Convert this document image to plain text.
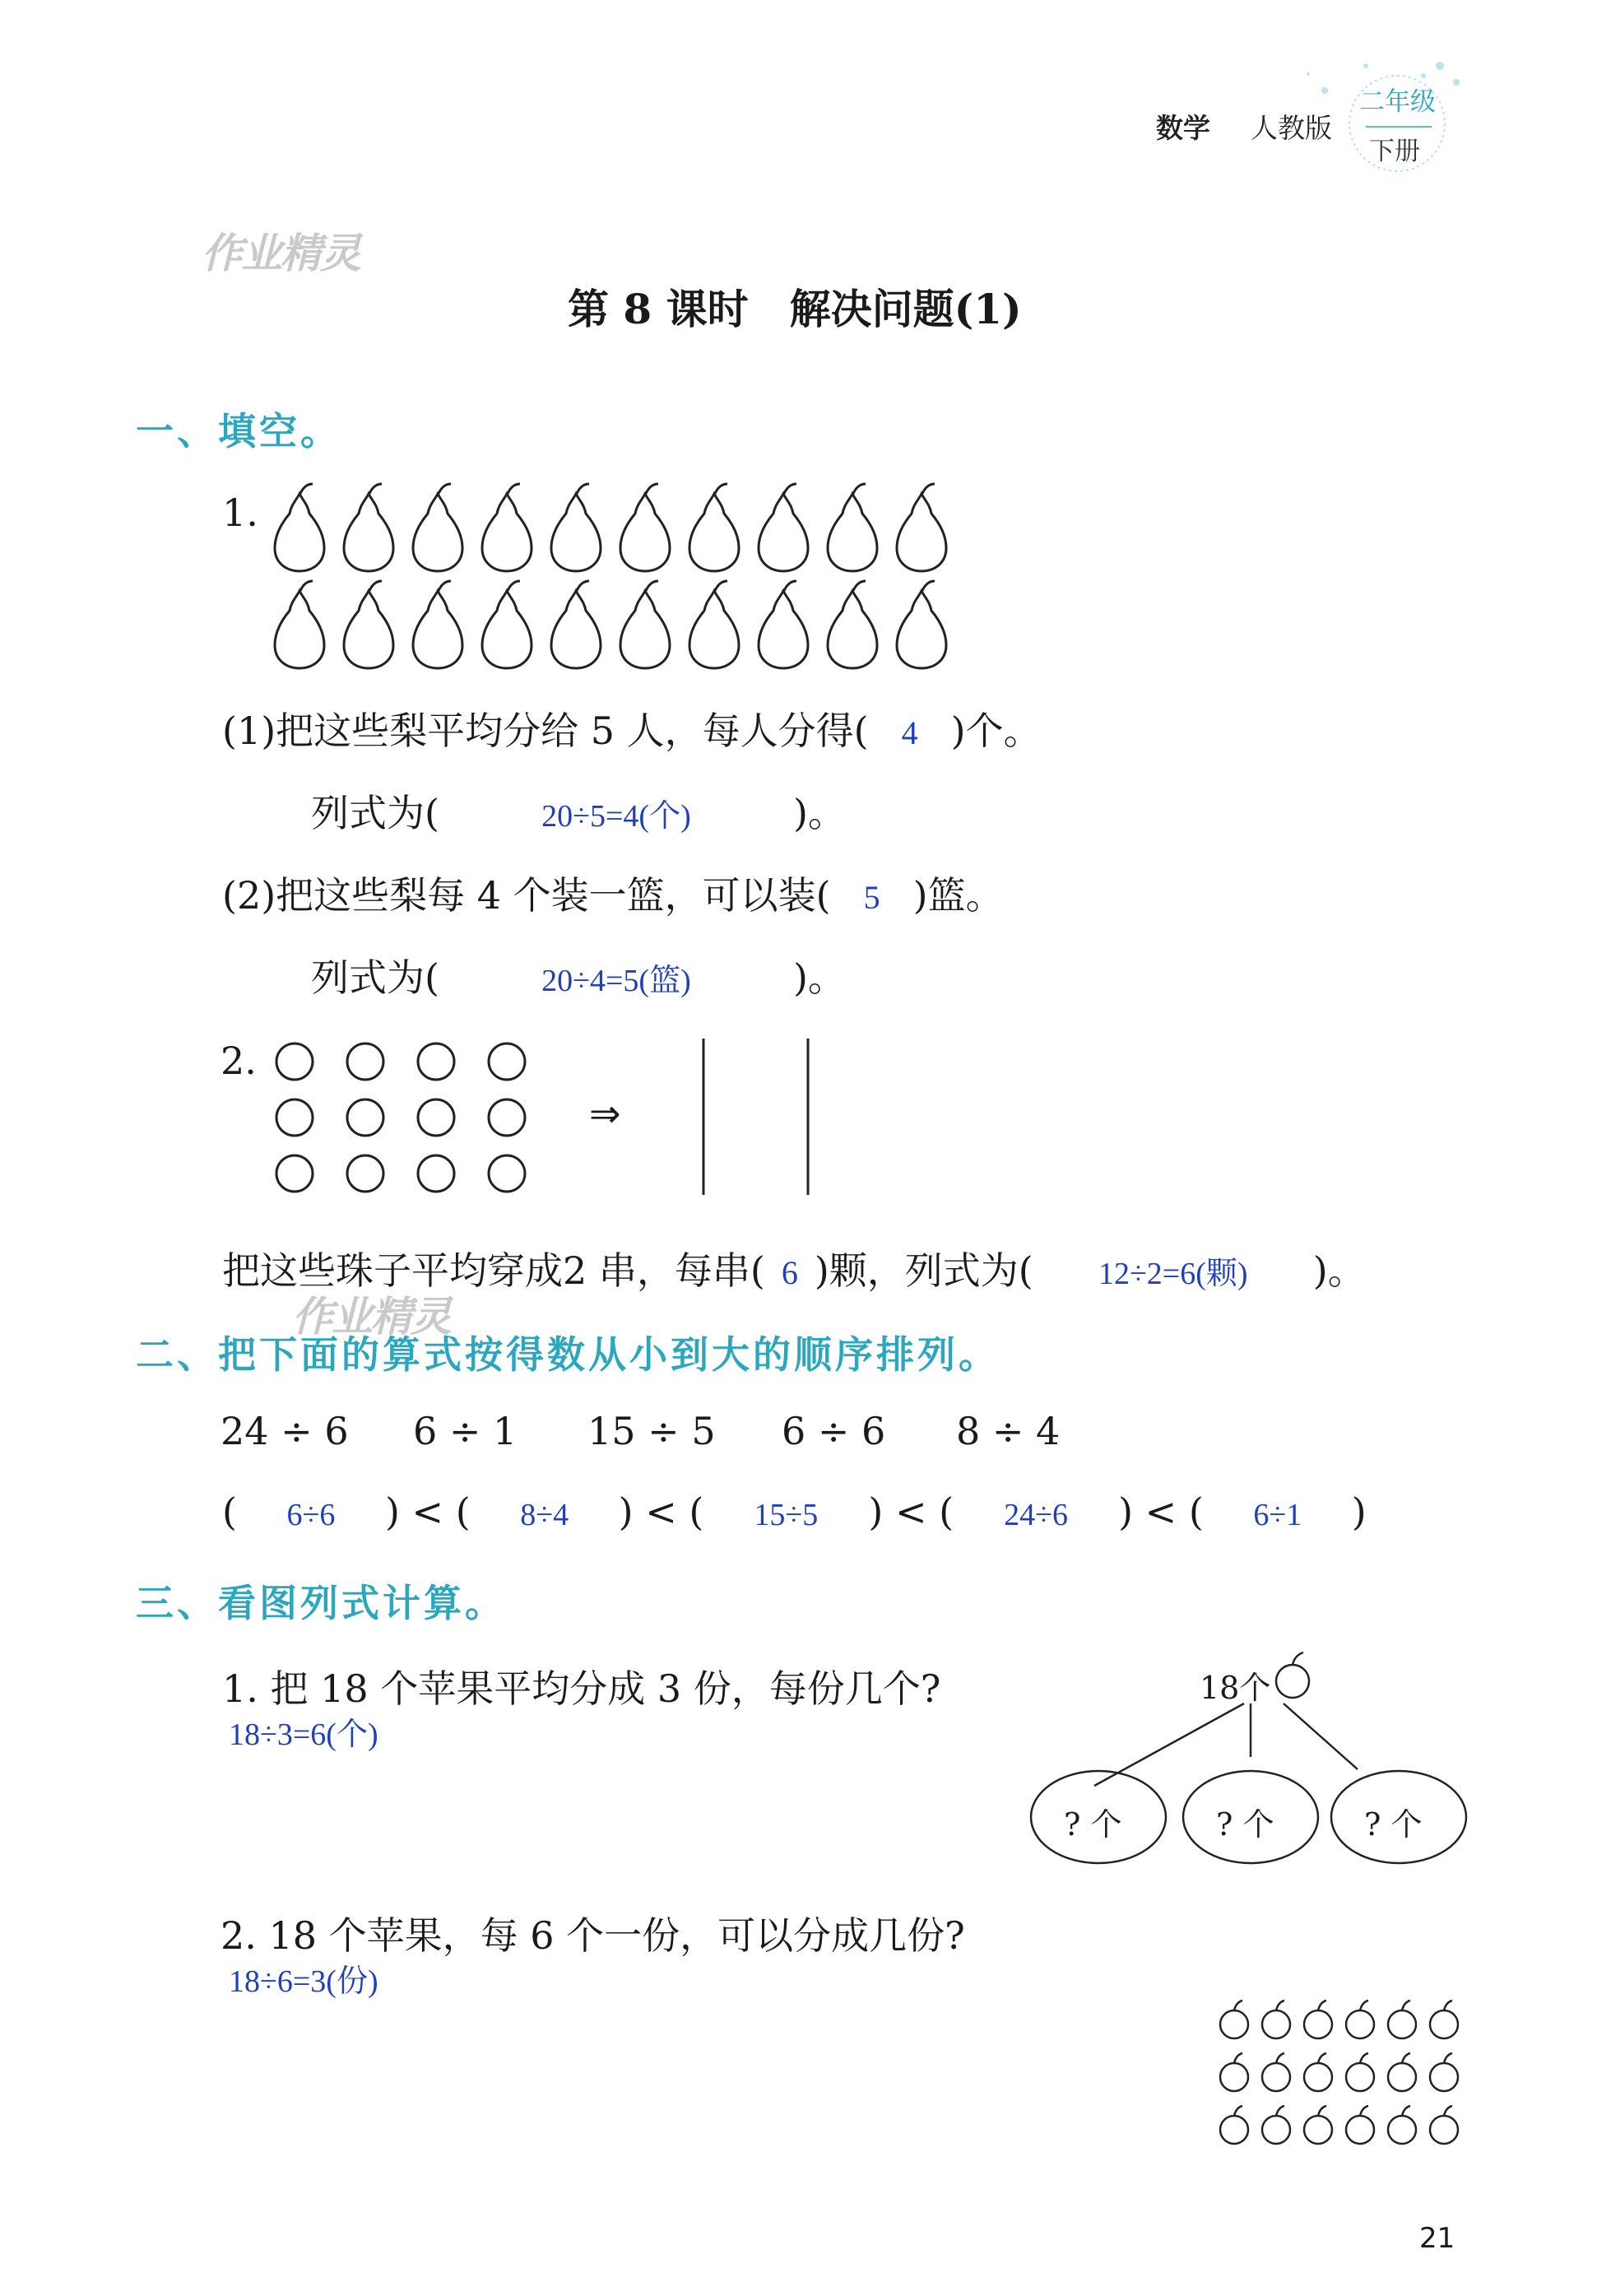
数学 人教版
二年级
下册
作业精灵
作业精灵
第 8 课时　解决问题(1)
一、填空。
1.
(1)把这些梨平均分给 5 人，每人分得( 4 )个。
列式为(	20÷5=4(个)	)。
(2)把这些梨每 4 个装一篮，可以装( 5 )篮。
列式为(	20÷4=5(篮)	)。
2.
⇒
把这些珠子平均穿成2 串，每串( 6 )颗，列式为( 12÷2=6(颗) )。
二、把下面的算式按得数从小到大的顺序排列。
24 ÷ 6 6 ÷ 1 15 ÷ 5 6 ÷ 6 8 ÷ 4
( 6÷6 ) < ( 8÷4 ) < ( 15÷5 ) < ( 24÷6 ) < ( 6÷1 )
三、看图列式计算。
1. 把 18 个苹果平均分成 3 份，每份几个?
18÷3=6(个)
18个
? 个	? 个	? 个
2. 18 个苹果，每 6 个一份，可以分成几份?
18÷6=3(份)
21
